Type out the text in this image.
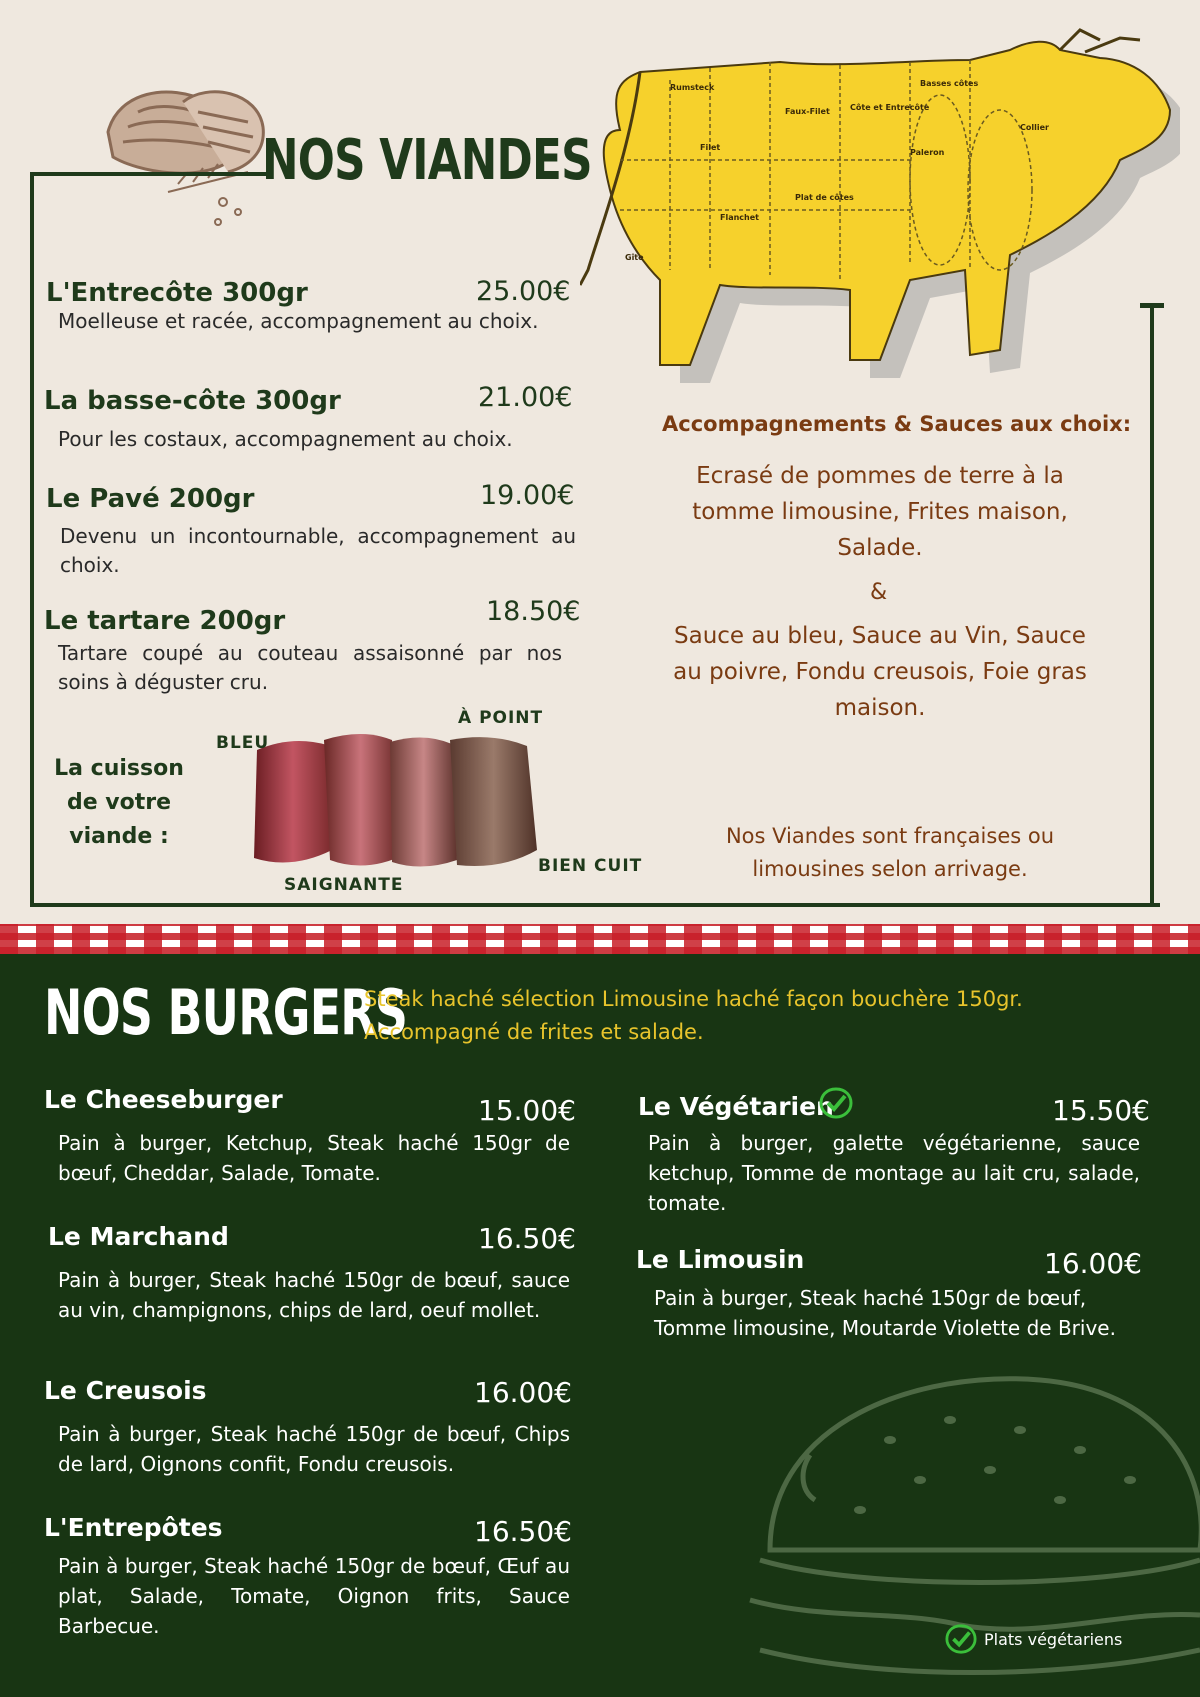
NOS VIANDES
L'Entrecôte 300gr	25.00€
Moelleuse et racée, accompagnement au choix.
La basse-côte 300gr	21.00€
Pour les costaux, accompagnement au choix.
Le Pavé 200gr	19.00€
Devenu un incontournable, accompagnement au choix.
Le tartare 200gr	18.50€
Tartare coupé au couteau assaisonné par nos soins à déguster cru.
La cuisson de votre viande :
BLEU
SAIGNANTE
À POINT
BIEN CUIT
Rumsteck
Faux-Filet	Côte et Entrecôte
Basses côtes
Collier
Plat de côtes
Flanchet
Gîte
Filet
Paleron
Accompagnements & Sauces aux choix:
Ecrasé de pommes de terre à la tomme limousine, Frites maison, Salade.
&
Sauce au bleu, Sauce au Vin, Sauce au poivre, Fondu creusois, Foie gras maison.
Nos Viandes sont françaises ou limousines selon arrivage.
NOS BURGERS
Steak haché sélection Limousine haché façon bouchère 150gr. Accompagné de frites et salade.
Le Cheeseburger	15.00€
Pain à burger, Ketchup, Steak haché 150gr de bœuf, Cheddar, Salade, Tomate.
Le Marchand	16.50€
Pain à burger, Steak haché 150gr de bœuf, sauce au vin, champignons, chips de lard, oeuf mollet.
Le Creusois	16.00€
Pain à burger, Steak haché 150gr de bœuf, Chips de lard, Oignons confit, Fondu creusois.
L'Entrepôtes	16.50€
Pain à burger, Steak haché 150gr de bœuf, Œuf au plat, Salade, Tomate, Oignon frits, Sauce Barbecue.
Le Végétarien	15.50€
Pain à burger, galette végétarienne, sauce ketchup, Tomme de montage au lait cru, salade, tomate.
Le Limousin	16.00€
Pain à burger, Steak haché 150gr de bœuf, Tomme limousine, Moutarde Violette de Brive.
Plats végétariens
